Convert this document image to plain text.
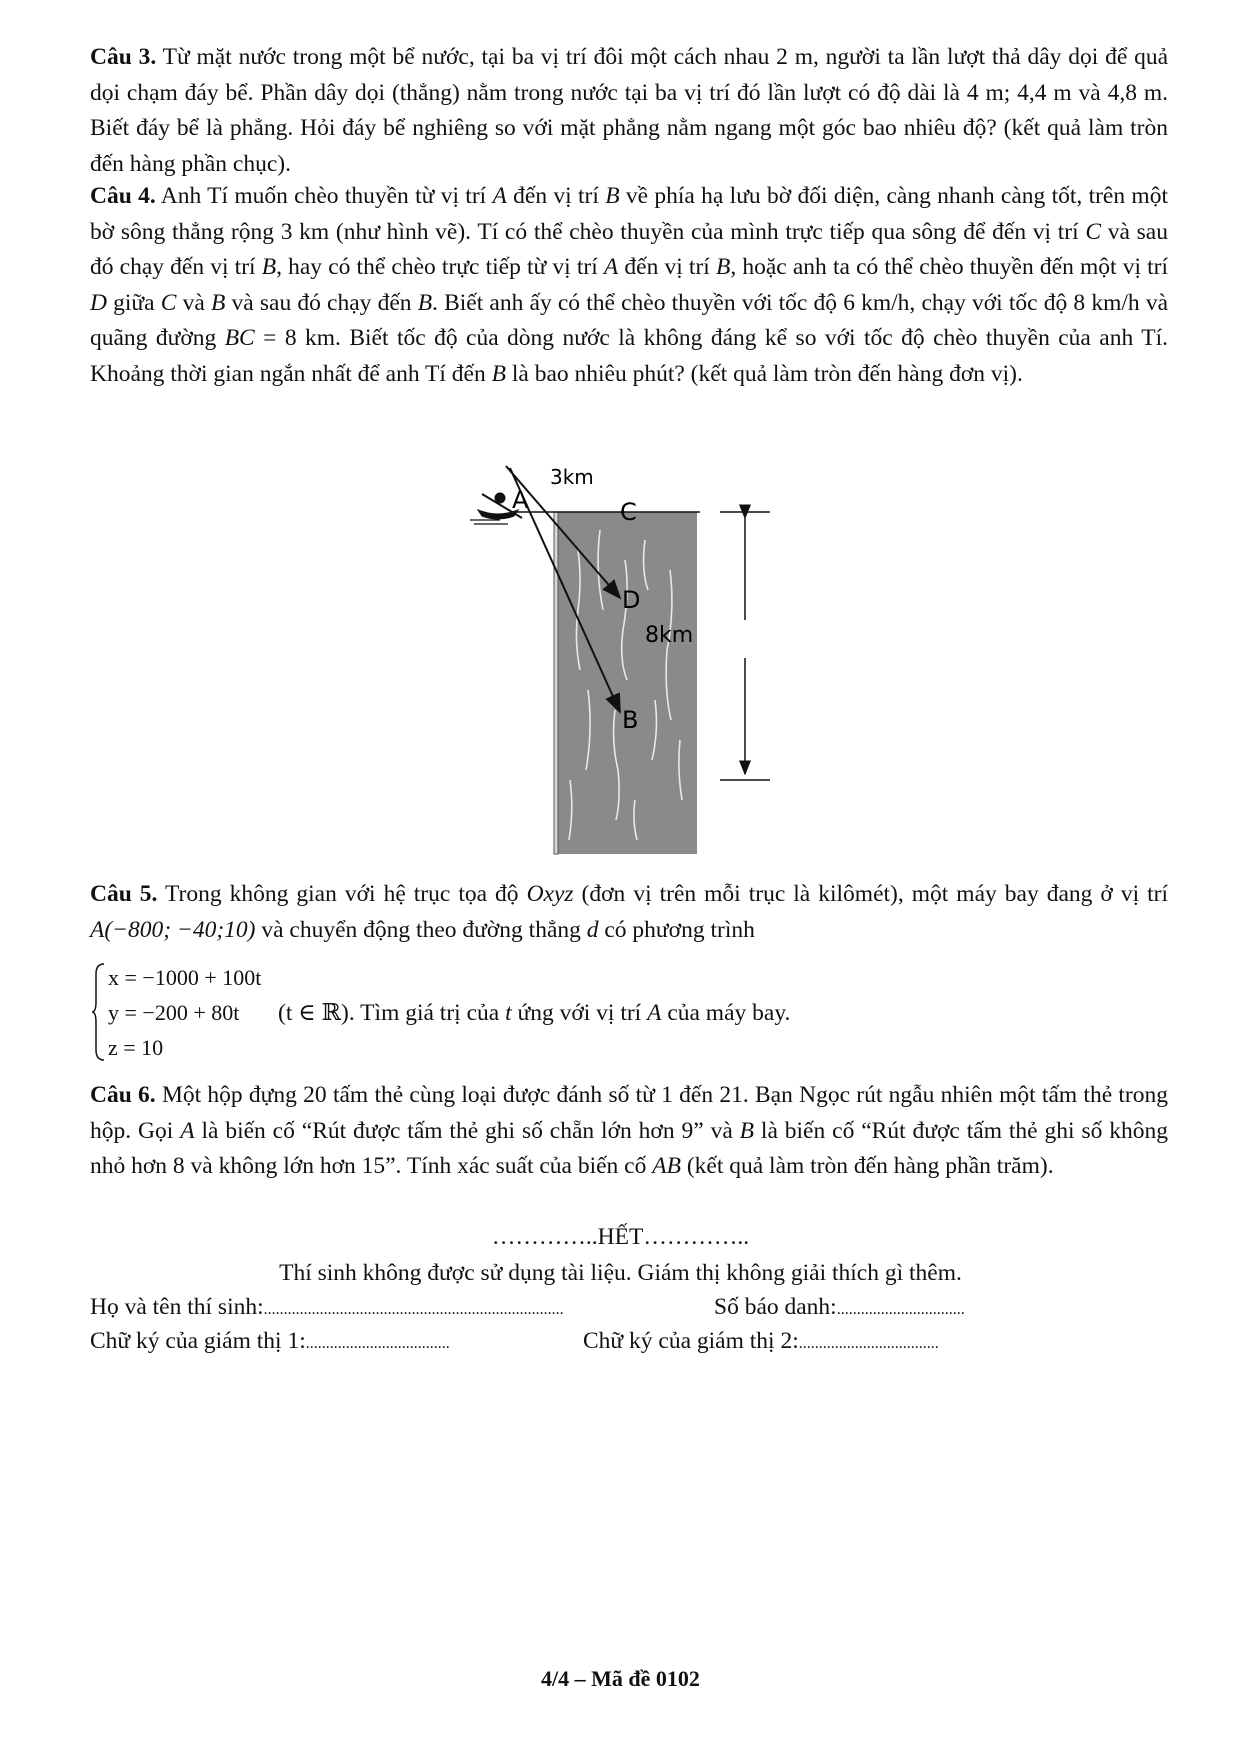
Câu 3. Từ mặt nước trong một bể nước, tại ba vị trí đôi một cách nhau 2 m, người ta lần lượt thả dây dọi để quả dọi chạm đáy bể. Phần dây dọi (thẳng) nằm trong nước tại ba vị trí đó lần lượt có độ dài là 4 m; 4,4 m và 4,8 m. Biết đáy bể là phẳng. Hỏi đáy bể nghiêng so với mặt phẳng nằm ngang một góc bao nhiêu độ? (kết quả làm tròn đến hàng phần chục).

Câu 4. Anh Tí muốn chèo thuyền từ vị trí A đến vị trí B về phía hạ lưu bờ đối diện, càng nhanh càng tốt, trên một bờ sông thẳng rộng 3 km (như hình vẽ). Tí có thể chèo thuyền của mình trực tiếp qua sông để đến vị trí C và sau đó chạy đến vị trí B, hay có thể chèo trực tiếp từ vị trí A đến vị trí B, hoặc anh ta có thể chèo thuyền đến một vị trí D giữa C và B và sau đó chạy đến B. Biết anh ấy có thể chèo thuyền với tốc độ 6 km/h, chạy với tốc độ 8 km/h và quãng đường BC = 8 km. Biết tốc độ của dòng nước là không đáng kể so với tốc độ chèo thuyền của anh Tí. Khoảng thời gian ngắn nhất để anh Tí đến B là bao nhiêu phút? (kết quả làm tròn đến hàng đơn vị).

A
3km
C
D
8km
B

Câu 5. Trong không gian với hệ trục tọa độ Oxyz (đơn vị trên mỗi trục là kilômét), một máy bay đang ở vị trí A(−800; −40;10) và chuyển động theo đường thẳng d có phương trình

x = −1000 + 100t
y = −200 + 80t
z = 10
(t ∈ ℝ). Tìm giá trị của t ứng với vị trí A của máy bay.

Câu 6. Một hộp đựng 20 tấm thẻ cùng loại được đánh số từ 1 đến 21. Bạn Ngọc rút ngẫu nhiên một tấm thẻ trong hộp. Gọi A là biến cố “Rút được tấm thẻ ghi số chẵn lớn hơn 9” và B là biến cố “Rút được tấm thẻ ghi số không nhỏ hơn 8 và không lớn hơn 15”. Tính xác suất của biến cố AB (kết quả làm tròn đến hàng phần trăm).

…………..HẾT…………..
Thí sinh không được sử dụng tài liệu. Giám thị không giải thích gì thêm.
Họ và tên thí sinh:...........................................................................	Số báo danh:................................
Chữ ký của giám thị 1:....................................	Chữ ký của giám thị 2:...................................
4/4 – Mã đề 0102
